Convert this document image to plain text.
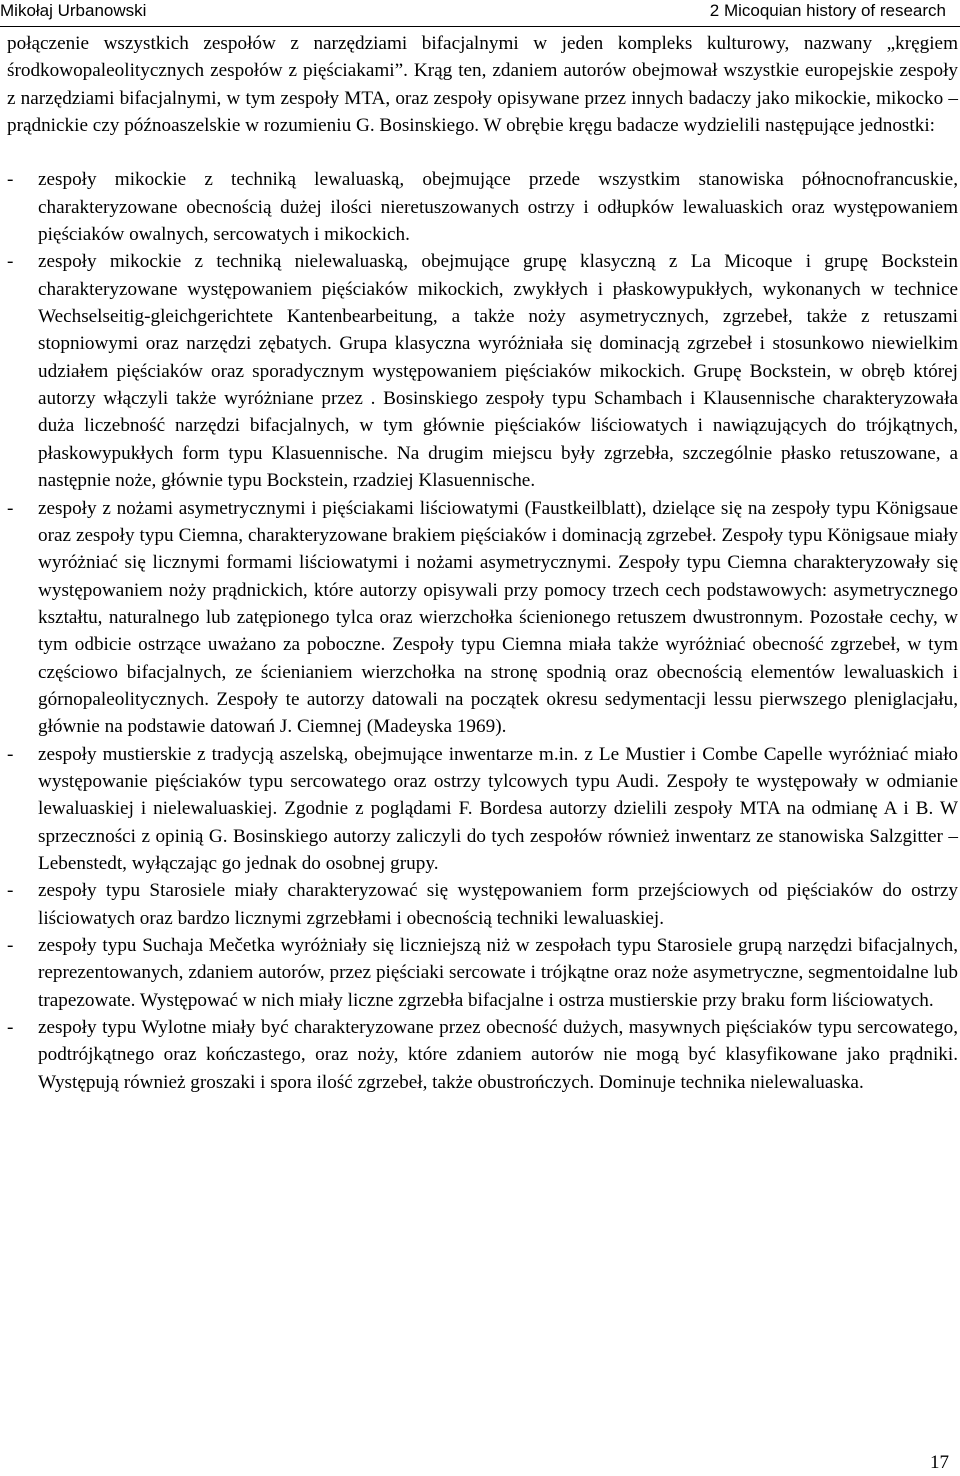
Mikołaj Urbanowski	2 Micoquian history of research

połączenie wszystkich zespołów z narzędziami bifacjalnymi w jeden kompleks kulturowy, nazwany „kręgiem środkowopaleolitycznych zespołów z pięściakami”. Krąg ten, zdaniem autorów obejmował wszystkie europejskie zespoły z narzędziami bifacjalnymi, w tym zespoły MTA, oraz zespoły opisywane przez innych badaczy jako mikockie, mikocko – prądnickie czy późnoaszelskie w rozumieniu G. Bosinskiego. W obrębie kręgu badacze wydzielili następujące jednostki:

- zespoły mikockie z techniką lewaluaską, obejmujące przede wszystkim stanowiska północnofrancuskie, charakteryzowane obecnością dużej ilości nieretuszowanych ostrzy i odłupków lewaluaskich oraz występowaniem pięściaków owalnych, sercowatych i mikockich.

- zespoły mikockie z techniką nielewaluaską, obejmujące grupę klasyczną z La Micoque i grupę Bockstein charakteryzowane występowaniem pięściaków mikockich, zwykłych i płaskowypukłych, wykonanych w technice Wechselseitig-gleichgerichtete Kantenbearbeitung, a także noży asymetrycznych, zgrzebeł, także z retuszami stopniowymi oraz narzędzi zębatych. Grupa klasyczna wyróżniała się dominacją zgrzebeł i stosunkowo niewielkim udziałem pięściaków oraz sporadycznym występowaniem pięściaków mikockich. Grupę Bockstein, w obręb której autorzy włączyli także wyróżniane przez . Bosinskiego zespoły typu Schambach i Klausennische charakteryzowała duża liczebność narzędzi bifacjalnych, w tym głównie pięściaków liściowatych i nawiązujących do trójkątnych, płaskowypukłych form typu Klasuennische. Na drugim miejscu były zgrzebła, szczególnie płasko retuszowane, a następnie noże, głównie typu Bockstein, rzadziej Klasuennische.

- zespoły z nożami asymetrycznymi i pięściakami liściowatymi (Faustkeilblatt), dzielące się na zespoły typu Königsaue oraz zespoły typu Ciemna, charakteryzowane brakiem pięściaków i dominacją zgrzebeł. Zespoły typu Königsaue miały wyróżniać się licznymi formami liściowatymi i nożami asymetrycznymi. Zespoły typu Ciemna charakteryzowały się występowaniem noży prądnickich, które autorzy opisywali przy pomocy trzech cech podstawowych: asymetrycznego kształtu, naturalnego lub zatępionego tylca oraz wierzchołka ścienionego retuszem dwustronnym. Pozostałe cechy, w tym odbicie ostrzące uważano za poboczne. Zespoły typu Ciemna miała także wyróżniać obecność zgrzebeł, w tym częściowo bifacjalnych, ze ścienianiem wierzchołka na stronę spodnią oraz obecnością elementów lewaluaskich i górnopaleolitycznych. Zespoły te autorzy datowali na początek okresu sedymentacji lessu pierwszego pleniglacjału, głównie na podstawie datowań J. Ciemnej (Madeyska 1969).

- zespoły mustierskie z tradycją aszelską, obejmujące inwentarze m.in. z Le Mustier i Combe Capelle wyróżniać miało występowanie pięściaków typu sercowatego oraz ostrzy tylcowych typu Audi. Zespoły te występowały w odmianie lewaluaskiej i nielewaluaskiej. Zgodnie z poglądami F. Bordesa autorzy dzielili zespoły MTA na odmianę A i B. W sprzeczności z opinią G. Bosinskiego autorzy zaliczyli do tych zespołów również inwentarz ze stanowiska Salzgitter – Lebenstedt, wyłączając go jednak do osobnej grupy.

- zespoły typu Starosiele miały charakteryzować się występowaniem form przejściowych od pięściaków do ostrzy liściowatych oraz bardzo licznymi zgrzebłami i obecnością techniki lewaluaskiej.

- zespoły typu Suchaja Mečetka wyróżniały się liczniejszą niż w zespołach typu Starosiele grupą narzędzi bifacjalnych, reprezentowanych, zdaniem autorów, przez pięściaki sercowate i trójkątne oraz noże asymetryczne, segmentoidalne lub trapezowate. Występować w nich miały liczne zgrzebła bifacjalne i ostrza mustierskie przy braku form liściowatych.

- zespoły typu Wylotne miały być charakteryzowane przez obecność dużych, masywnych pięściaków typu sercowatego, podtrójkątnego oraz kończastego, oraz noży, które zdaniem autorów nie mogą być klasyfikowane jako prądniki. Występują również groszaki i spora ilość zgrzebeł, także obustrończych. Dominuje technika nielewaluaska.

17
